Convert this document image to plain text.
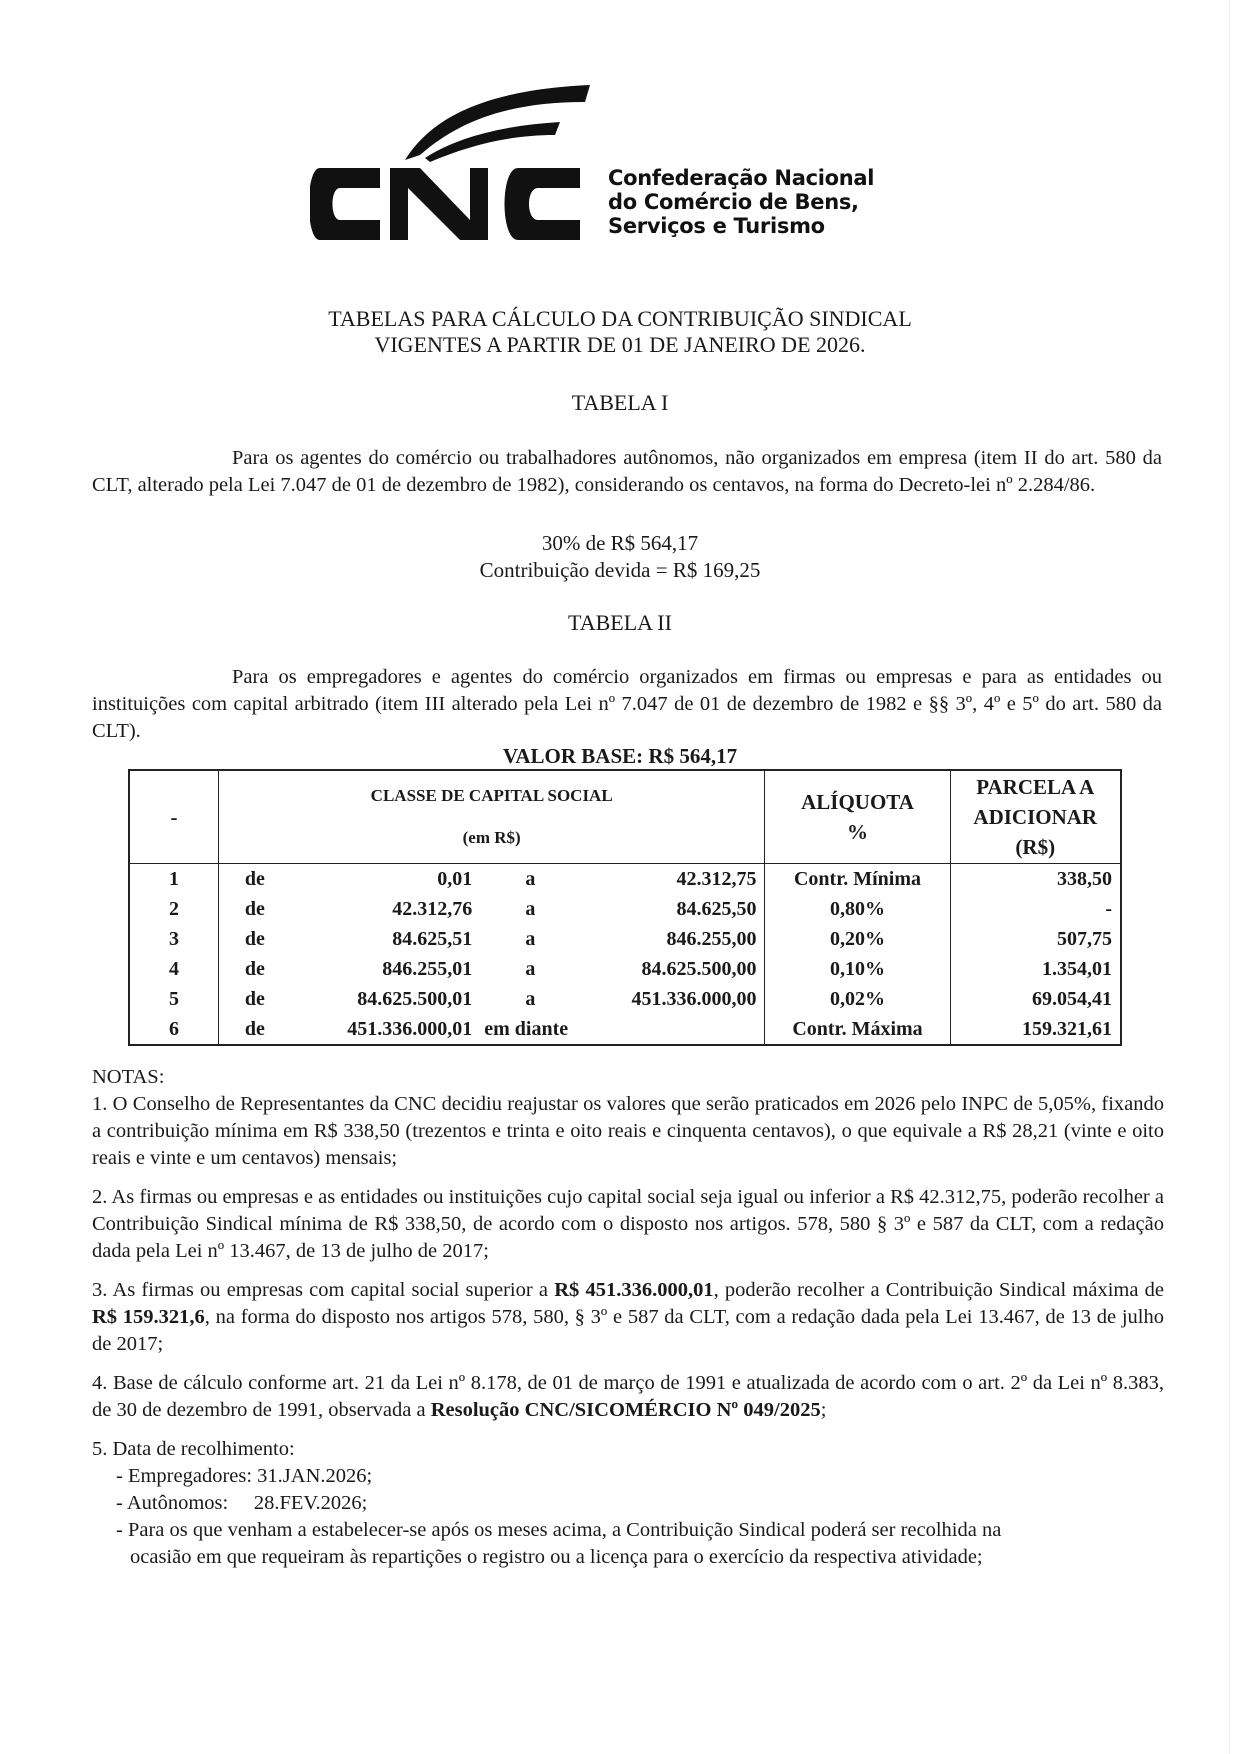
Confederação Nacional
do Comércio de Bens,
Serviços e Turismo
TABELAS PARA CÁLCULO DA CONTRIBUIÇÃO SINDICAL
VIGENTES A PARTIR DE 01 DE JANEIRO DE 2026.
TABELA I
Para os agentes do comércio ou trabalhadores autônomos, não organizados em empresa (item II do art. 580 da CLT, alterado pela Lei 7.047 de 01 de dezembro de 1982), considerando os centavos, na forma do Decreto-lei nº 2.284/86.
30% de R$ 564,17
Contribuição devida = R$ 169,25
TABELA II
Para os empregadores e agentes do comércio organizados em firmas ou empresas e para as entidades ou instituições com capital arbitrado (item III alterado pela Lei nº 7.047 de 01 de dezembro de 1982 e §§ 3º, 4º e 5º do art. 580 da CLT).
VALOR BASE: R$ 564,17
-	
CLASSE DE CAPITAL SOCIAL
(em R$)

ALÍQUOTA
%

PARCELA A
ADICIONAR
(R$)

1	de	0,01	a	42.312,75	Contr. Mínima	338,50
2	de	42.312,76	a	84.625,50	0,80%	-
3	de	84.625,51	a	846.255,00	0,20%	507,75
4	de	846.255,01	a	84.625.500,00	0,10%	1.354,01
5	de	84.625.500,01	a	451.336.000,00	0,02%	69.054,41
6	de	451.336.000,01	em diante		Contr. Máxima	159.321,61
NOTAS:

1. O Conselho de Representantes da CNC decidiu reajustar os valores que serão praticados em 2026 pelo INPC de 5,05%, fixando a contribuição mínima em R$ 338,50 (trezentos e trinta e oito reais e cinquenta centavos), o que equivale a R$ 28,21 (vinte e oito reais e vinte e um centavos) mensais;

2. As firmas ou empresas e as entidades ou instituições cujo capital social seja igual ou inferior a R$ 42.312,75, poderão recolher a Contribuição Sindical mínima de R$ 338,50, de acordo com o disposto nos artigos. 578, 580 § 3º e 587 da CLT, com a redação dada pela Lei nº 13.467, de 13 de julho de 2017;

3. As firmas ou empresas com capital social superior a R$ 451.336.000,01, poderão recolher a Contribuição Sindical máxima de R$ 159.321,6, na forma do disposto nos artigos 578, 580, § 3º e 587 da CLT, com a redação dada pela Lei 13.467, de 13 de julho de 2017;

4. Base de cálculo conforme art. 21 da Lei nº 8.178, de 01 de março de 1991 e atualizada de acordo com o art. 2º da Lei nº 8.383, de 30 de dezembro de 1991, observada a Resolução CNC/SICOMÉRCIO Nº 049/2025;

5. Data de recolhimento:
- Empregadores: 31.JAN.2026;
- Autônomos:     28.FEV.2026;
- Para os que venham a estabelecer-se após os meses acima, a Contribuição Sindical poderá ser recolhida na
ocasião em que requeiram às repartições o registro ou a licença para o exercício da respectiva atividade;
